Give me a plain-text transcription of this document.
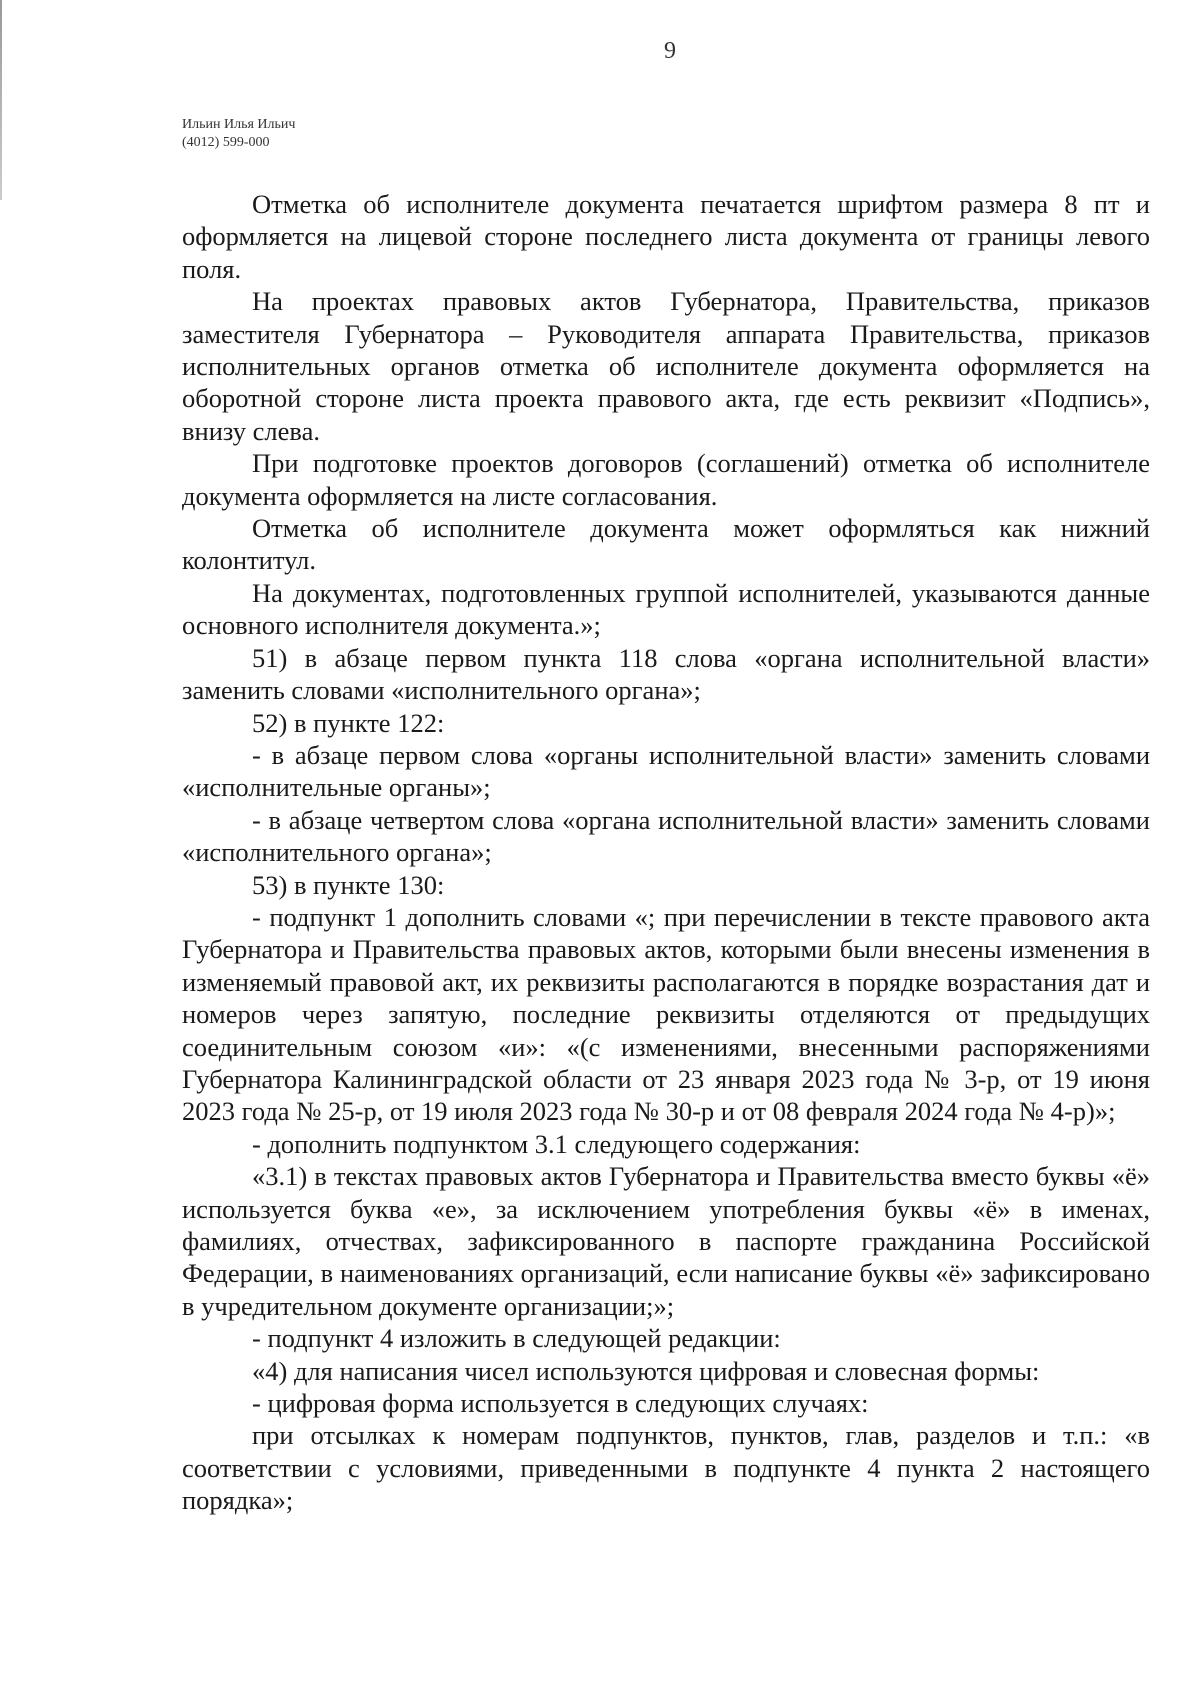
9
Ильин Илья Ильич
(4012) 599-000

Отметка об исполнителе документа печатается шрифтом размера 8 пт и оформляется на лицевой стороне последнего листа документа от границы левого поля.

На проектах правовых актов Губернатора, Правительства, приказов заместителя Губернатора – Руководителя аппарата Правительства, приказов исполнительных органов отметка об исполнителе документа оформляется на оборотной стороне листа проекта правового акта, где есть реквизит «Подпись», внизу слева.

При подготовке проектов договоров (соглашений) отметка об исполнителе документа оформляется на листе согласования.

Отметка об исполнителе документа может оформляться как нижний колонтитул.

На документах, подготовленных группой исполнителей, указываются данные основного исполнителя документа.»;

51) в абзаце первом пункта 118 слова «органа исполнительной власти» заменить словами «исполнительного органа»;

52) в пункте 122:

- в абзаце первом слова «органы исполнительной власти» заменить словами «исполнительные органы»;

- в абзаце четвертом слова «органа исполнительной власти» заменить словами «исполнительного органа»;

53) в пункте 130:

- подпункт 1 дополнить словами «; при перечислении в тексте правового акта Губернатора и Правительства правовых актов, которыми были внесены изменения в изменяемый правовой акт, их реквизиты располагаются в порядке возрастания дат и номеров через запятую, последние реквизиты отделяются от предыдущих соединительным союзом «и»: «(с изменениями, внесенными распоряжениями Губернатора Калининградской области от 23 января 2023 года № 3-р, от 19 июня 2023 года № 25-р, от 19 июля 2023 года № 30-р и от 08 февраля 2024 года № 4-р)»;

- дополнить подпунктом 3.1 следующего содержания:

«3.1) в текстах правовых актов Губернатора и Правительства вместо буквы «ё» используется буква «е», за исключением употребления буквы «ё» в именах, фамилиях, отчествах, зафиксированного в паспорте гражданина Российской Федерации, в наименованиях организаций, если написание буквы «ё» зафиксировано в учредительном документе организации;»;

- подпункт 4 изложить в следующей редакции:

«4) для написания чисел используются цифровая и словесная формы:

- цифровая форма используется в следующих случаях:

при отсылках к номерам подпунктов, пунктов, глав, разделов и т.п.: «в соответствии с условиями, приведенными в подпункте 4 пункта 2 настоящего порядка»;
